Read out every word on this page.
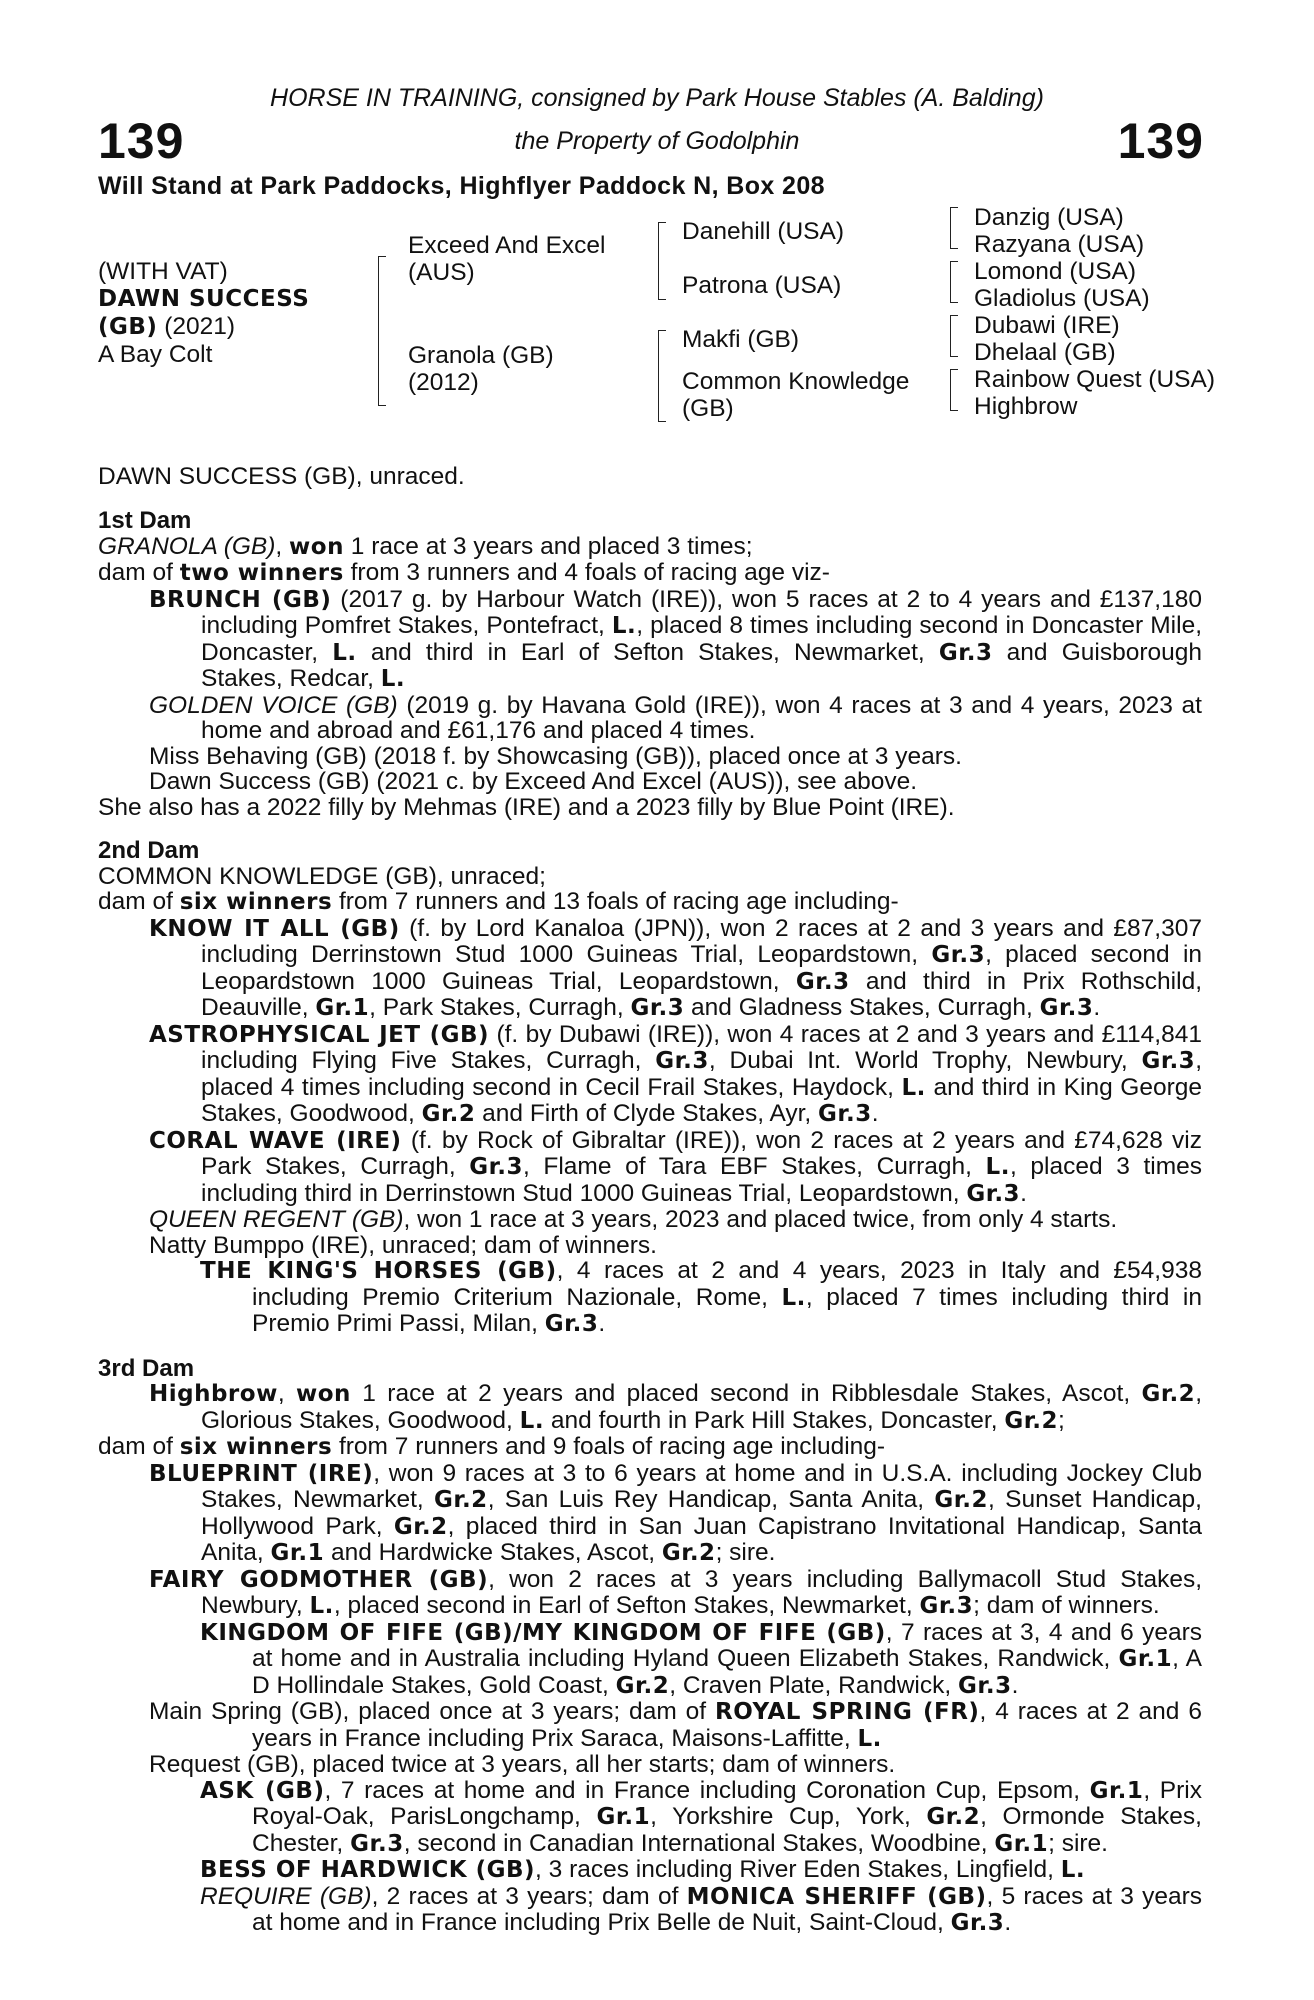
HORSE IN TRAINING, consigned by Park House Stables (A. Balding)
the Property of Godolphin
139	139
Will Stand at Park Paddocks, Highflyer Paddock N, Box 208
(WITH VAT)
DAWN SUCCESS
(GB) (2021)
A Bay Colt
Exceed And Excel
(AUS)
Granola (GB)
(2012)
Danehill (USA)
Patrona (USA)
Makfi (GB)
Common Knowledge
(GB)
Danzig (USA)
Razyana (USA)
Lomond (USA)
Gladiolus (USA)
Dubawi (IRE)
Dhelaal (GB)
Rainbow Quest (USA)
Highbrow
DAWN SUCCESS (GB), unraced.
1st Dam

GRANOLA (GB), won 1 race at 3 years and placed 3 times;

dam of two winners from 3 runners and 4 foals of racing age viz-

BRUNCH (GB) (2017 g. by Harbour Watch (IRE)), won 5 races at 2 to 4 years and £137,180 including Pomfret Stakes, Pontefract, L., placed 8 times including second in Doncaster Mile, Doncaster, L. and third in Earl of Sefton Stakes, Newmarket, Gr.3 and Guisborough Stakes, Redcar, L.

GOLDEN VOICE (GB) (2019 g. by Havana Gold (IRE)), won 4 races at 3 and 4 years, 2023 at home and abroad and £61,176 and placed 4 times.

Miss Behaving (GB) (2018 f. by Showcasing (GB)), placed once at 3 years.

Dawn Success (GB) (2021 c. by Exceed And Excel (AUS)), see above.

She also has a 2022 filly by Mehmas (IRE) and a 2023 filly by Blue Point (IRE).

2nd Dam

COMMON KNOWLEDGE (GB), unraced;

dam of six winners from 7 runners and 13 foals of racing age including-

KNOW IT ALL (GB) (f. by Lord Kanaloa (JPN)), won 2 races at 2 and 3 years and £87,307 including Derrinstown Stud 1000 Guineas Trial, Leopardstown, Gr.3, placed second in Leopardstown 1000 Guineas Trial, Leopardstown, Gr.3 and third in Prix Rothschild, Deauville, Gr.1, Park Stakes, Curragh, Gr.3 and Gladness Stakes, Curragh, Gr.3.

ASTROPHYSICAL JET (GB) (f. by Dubawi (IRE)), won 4 races at 2 and 3 years and £114,841 including Flying Five Stakes, Curragh, Gr.3, Dubai Int. World Trophy, Newbury, Gr.3, placed 4 times including second in Cecil Frail Stakes, Haydock, L. and third in King George Stakes, Goodwood, Gr.2 and Firth of Clyde Stakes, Ayr, Gr.3.

CORAL WAVE (IRE) (f. by Rock of Gibraltar (IRE)), won 2 races at 2 years and £74,628 viz Park Stakes, Curragh, Gr.3, Flame of Tara EBF Stakes, Curragh, L., placed 3 times including third in Derrinstown Stud 1000 Guineas Trial, Leopardstown, Gr.3.

QUEEN REGENT (GB), won 1 race at 3 years, 2023 and placed twice, from only 4 starts.

Natty Bumppo (IRE), unraced; dam of winners.

THE KING'S HORSES (GB), 4 races at 2 and 4 years, 2023 in Italy and £54,938 including Premio Criterium Nazionale, Rome, L., placed 7 times including third in Premio Primi Passi, Milan, Gr.3.

3rd Dam

Highbrow, won 1 race at 2 years and placed second in Ribblesdale Stakes, Ascot, Gr.2, Glorious Stakes, Goodwood, L. and fourth in Park Hill Stakes, Doncaster, Gr.2;

dam of six winners from 7 runners and 9 foals of racing age including-

BLUEPRINT (IRE), won 9 races at 3 to 6 years at home and in U.S.A. including Jockey Club Stakes, Newmarket, Gr.2, San Luis Rey Handicap, Santa Anita, Gr.2, Sunset Handicap, Hollywood Park, Gr.2, placed third in San Juan Capistrano Invitational Handicap, Santa Anita, Gr.1 and Hardwicke Stakes, Ascot, Gr.2; sire.

FAIRY GODMOTHER (GB), won 2 races at 3 years including Ballymacoll Stud Stakes, Newbury, L., placed second in Earl of Sefton Stakes, Newmarket, Gr.3; dam of winners.

KINGDOM OF FIFE (GB)/MY KINGDOM OF FIFE (GB), 7 races at 3, 4 and 6 years at home and in Australia including Hyland Queen Elizabeth Stakes, Randwick, Gr.1, A D Hollindale Stakes, Gold Coast, Gr.2, Craven Plate, Randwick, Gr.3.

Main Spring (GB), placed once at 3 years; dam of ROYAL SPRING (FR), 4 races at 2 and 6 years in France including Prix Saraca, Maisons-Laffitte, L.

Request (GB), placed twice at 3 years, all her starts; dam of winners.

ASK (GB), 7 races at home and in France including Coronation Cup, Epsom, Gr.1, Prix Royal-Oak, ParisLongchamp, Gr.1, Yorkshire Cup, York, Gr.2, Ormonde Stakes, Chester, Gr.3, second in Canadian International Stakes, Woodbine, Gr.1; sire.

BESS OF HARDWICK (GB), 3 races including River Eden Stakes, Lingfield, L.

REQUIRE (GB), 2 races at 3 years; dam of MONICA SHERIFF (GB), 5 races at 3 years at home and in France including Prix Belle de Nuit, Saint-Cloud, Gr.3.
